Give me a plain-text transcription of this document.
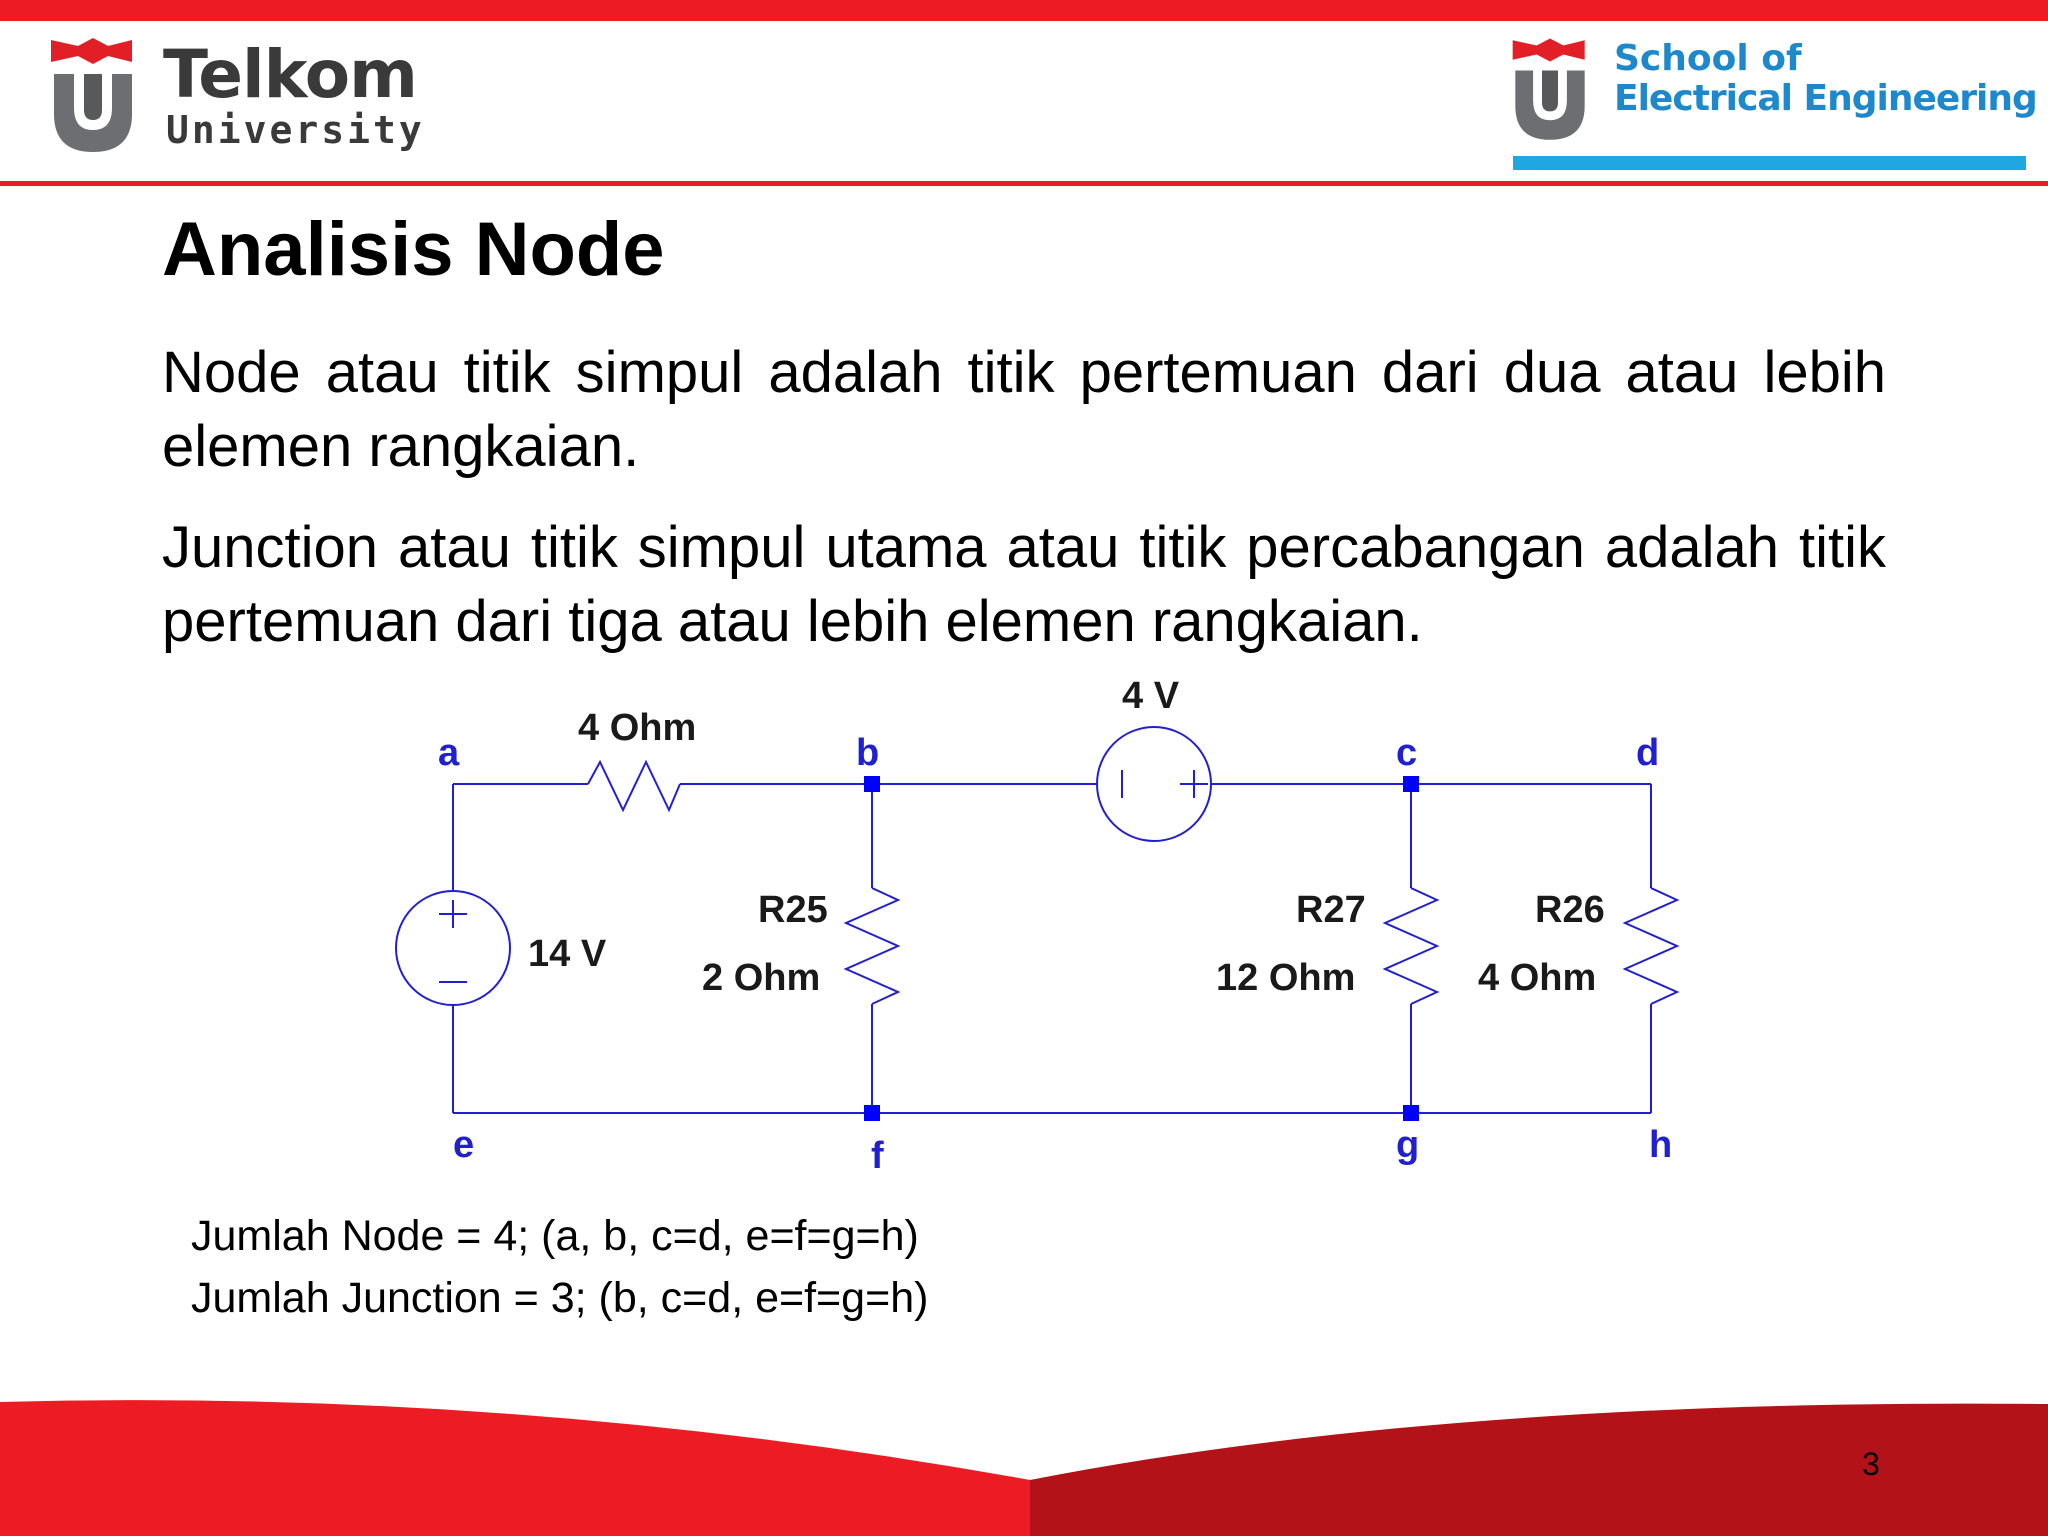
Telkom
University
School of
Electrical Engineering
Analisis Node

Node atau titik simpul adalah titik pertemuan dari dua atau lebih elemen rangkaian.

Junction atau titik simpul utama atau titik percabangan adalah titik pertemuan dari tiga atau lebih elemen rangkaian.

a	b	c	d
e	f	g	h
4 Ohm
4 V
14 V
R25
2 Ohm
R27
12 Ohm
R26
4 Ohm

Jumlah Node = 4; (a, b, c=d, e=f=g=h)

Jumlah Junction = 3; (b, c=d, e=f=g=h)

3
